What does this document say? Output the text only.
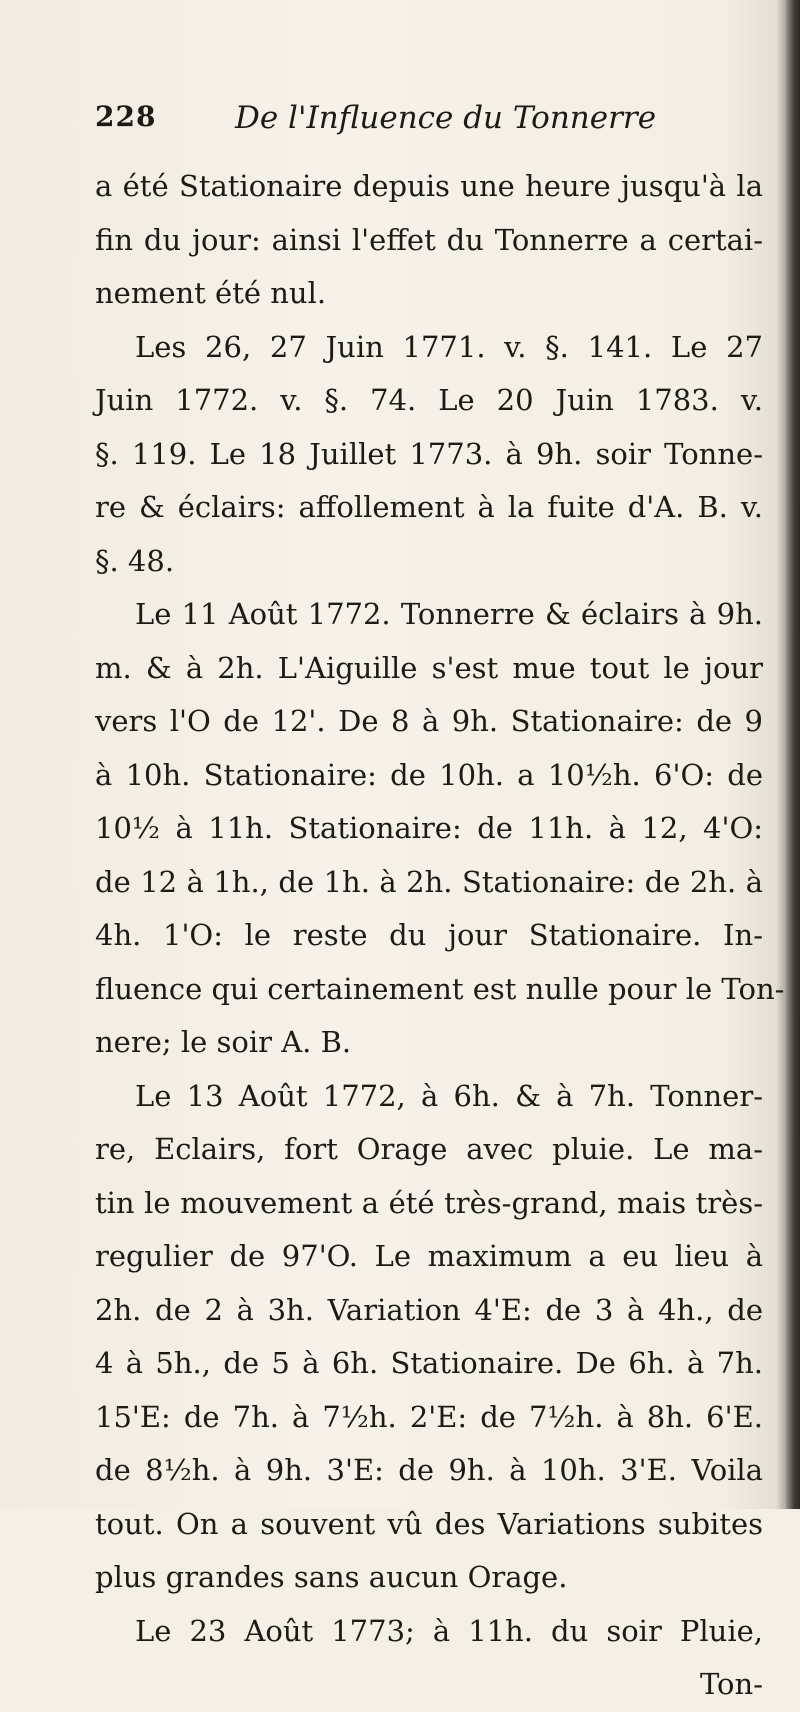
228	De l'Influence du Tonnerre
a été Stationaire depuis une heure jusqu'à la
fin du jour: ainsi l'effet du Tonnerre a certai-
nement été nul.
Les 26, 27 Juin 1771. v. §. 141. Le 27
Juin 1772. v. §. 74. Le 20 Juin 1783. v.
§. 119. Le 18 Juillet 1773. à 9h. soir Tonne-
re & éclairs: affollement à la fuite d'A. B. v.
§. 48.
Le 11 Août 1772. Tonnerre & éclairs à 9h.
m. & à 2h. L'Aiguille s'est mue tout le jour
vers l'O de 12'. De 8 à 9h. Stationaire: de 9
à 10h. Stationaire: de 10h. a 10½h. 6'O: de
10½ à 11h. Stationaire: de 11h. à 12, 4'O:
de 12 à 1h., de 1h. à 2h. Stationaire: de 2h. à
4h. 1'O: le reste du jour Stationaire. In-
fluence qui certainement est nulle pour le Ton-
nere; le soir A. B.
Le 13 Août 1772, à 6h. & à 7h. Tonner-
re, Eclairs, fort Orage avec pluie. Le ma-
tin le mouvement a été très-grand, mais très-
regulier de 97'O. Le maximum a eu lieu à
2h. de 2 à 3h. Variation 4'E: de 3 à 4h., de
4 à 5h., de 5 à 6h. Stationaire. De 6h. à 7h.
15'E: de 7h. à 7½h. 2'E: de 7½h. à 8h. 6'E.
de 8½h. à 9h. 3'E: de 9h. à 10h. 3'E. Voila
tout. On a souvent vû des Variations subites
plus grandes sans aucun Orage.
Le 23 Août 1773; à 11h. du soir Pluie,
Ton-
